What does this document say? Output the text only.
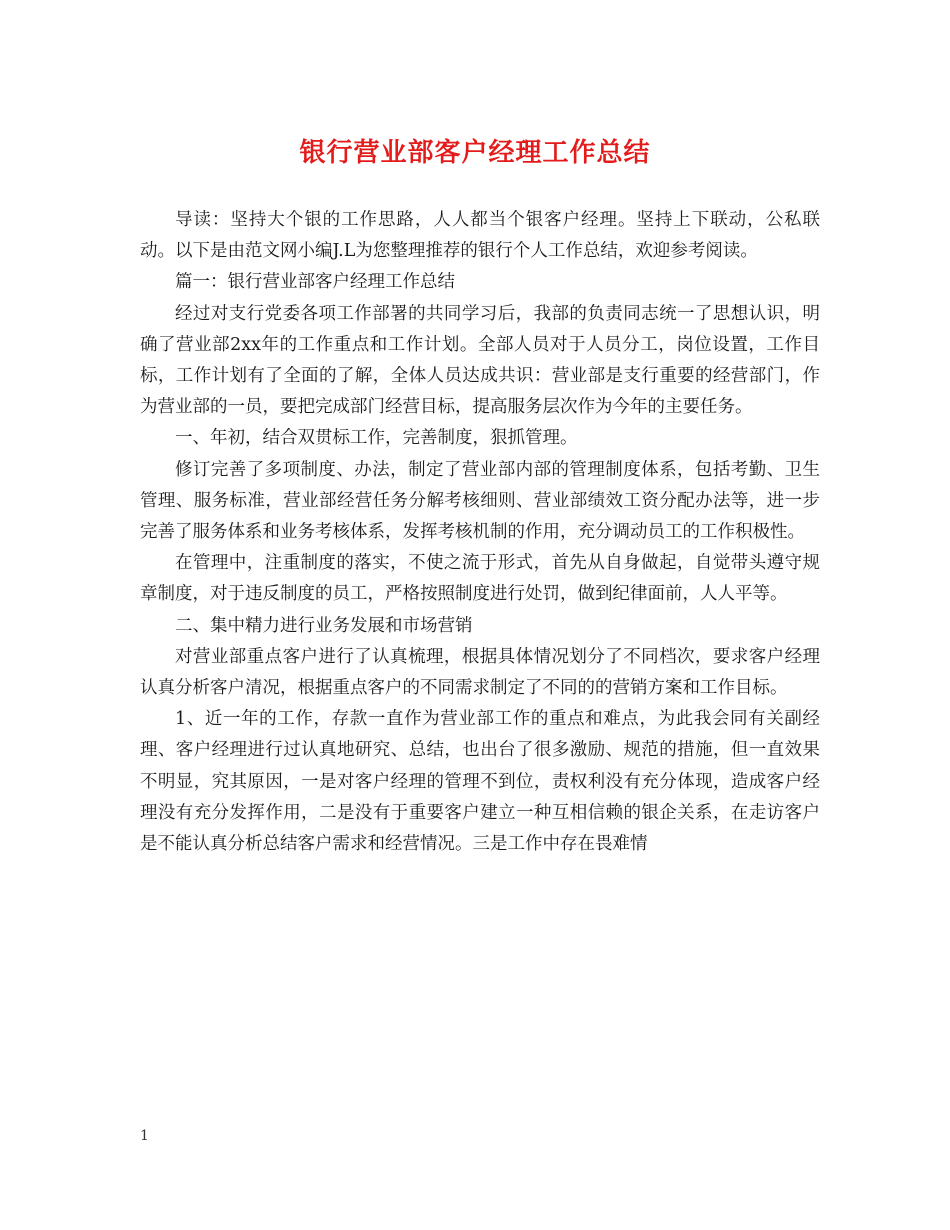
银行营业部客户经理工作总结

导读：坚持大个银的工作思路，人人都当个银客户经理。坚持上下联动，公私联动。以下是由范文网小编J.L为您整理推荐的银行个人工作总结，欢迎参考阅读。

篇一：银行营业部客户经理工作总结

经过对支行党委各项工作部署的共同学习后，我部的负责同志统一了思想认识，明确了营业部2xx年的工作重点和工作计划。全部人员对于人员分工，岗位设置，工作目标，工作计划有了全面的了解，全体人员达成共识：营业部是支行重要的经营部门，作为营业部的一员，要把完成部门经营目标，提高服务层次作为今年的主要任务。

一、年初，结合双贯标工作，完善制度，狠抓管理。

修订完善了多项制度、办法，制定了营业部内部的管理制度体系，包括考勤、卫生管理、服务标准，营业部经营任务分解考核细则、营业部绩效工资分配办法等，进一步完善了服务体系和业务考核体系，发挥考核机制的作用，充分调动员工的工作积极性。

在管理中，注重制度的落实，不使之流于形式，首先从自身做起，自觉带头遵守规章制度，对于违反制度的员工，严格按照制度进行处罚，做到纪律面前，人人平等。

二、集中精力进行业务发展和市场营销

对营业部重点客户进行了认真梳理，根据具体情况划分了不同档次，要求客户经理认真分析客户清况，根据重点客户的不同需求制定了不同的的营销方案和工作目标。

1、近一年的工作，存款一直作为营业部工作的重点和难点，为此我会同有关副经理、客户经理进行过认真地研究、总结，也出台了很多激励、规范的措施，但一直效果不明显，究其原因，一是对客户经理的管理不到位，责权利没有充分体现，造成客户经理没有充分发挥作用，二是没有于重要客户建立一种互相信赖的银企关系，在走访客户是不能认真分析总结客户需求和经营情况。三是工作中存在畏难情

1
